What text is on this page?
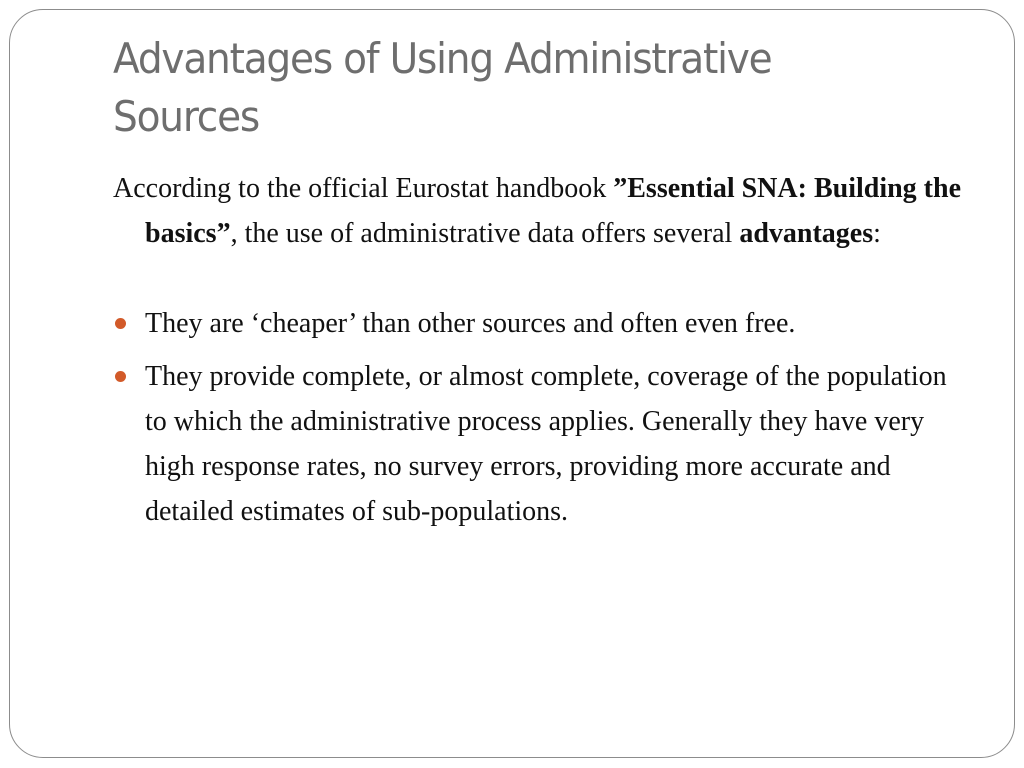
Advantages of Using Administrative Sources

According to the official Eurostat handbook ”Essential SNA: Building the basics”, the use of administrative data offers several advantages:

They are ‘cheaper’ than other sources and often even free.
They provide complete, or almost complete, coverage of the population to which the administrative process applies. Generally they have very high response rates, no survey errors, providing more accurate and detailed estimates of sub-populations.
